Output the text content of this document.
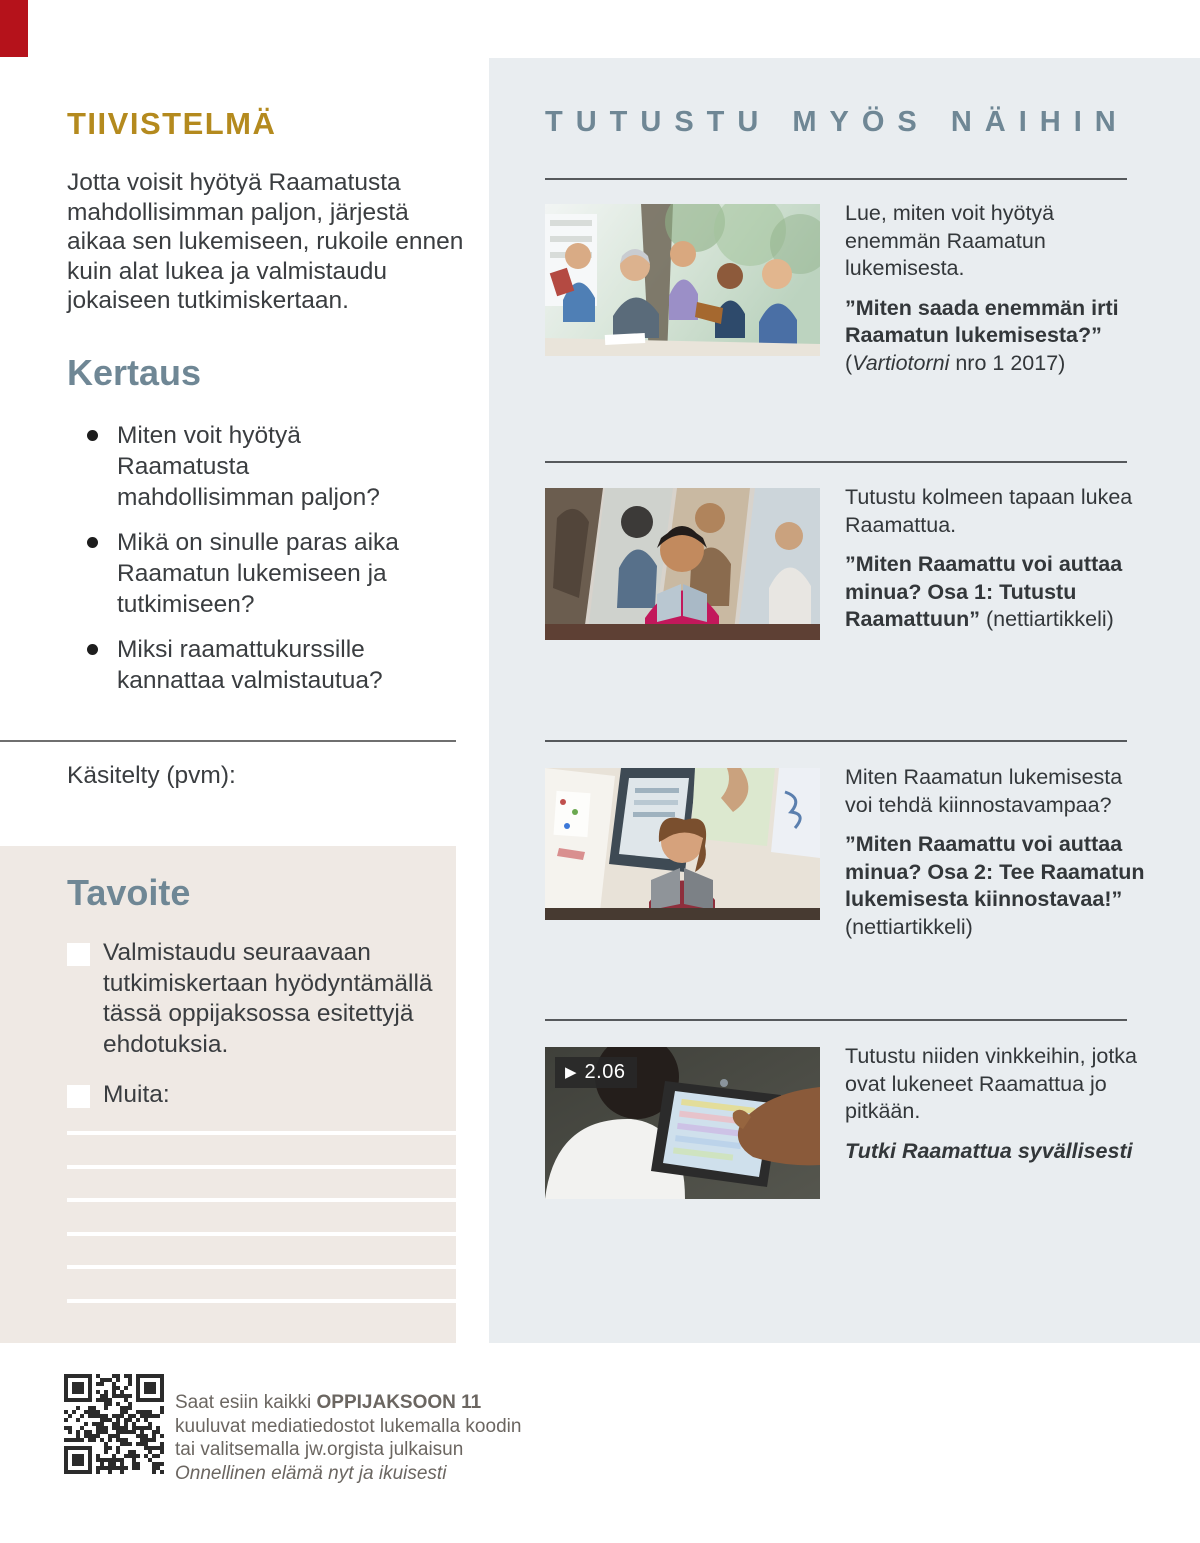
TIIVISTELMÄ
Jotta voisit hyötyä Raamatusta mahdollisimman paljon, järjestä aikaa sen lukemiseen, rukoile ennen kuin alat lukea ja valmistaudu jokaiseen tutkimiskertaan.
Kertaus
Miten voit hyötyä Raamatusta mahdollisimman paljon?
Mikä on sinulle paras aika Raamatun lukemiseen ja tutkimiseen?
Miksi raamattukurssille kannattaa valmistautua?
Käsitelty (pvm):
Tavoite
Valmistaudu seuraavaan tutkimiskertaan hyödyntämällä tässä oppijaksossa esitettyjä ehdotuksia.
Muita:
TUTUSTU MYÖS NÄIHIN

Lue, miten voit hyötyä enemmän Raamatun lukemisesta.

”Miten saada enemmän irti Raamatun lukemisesta?”
(Vartiotorni nro 1 2017)

Tutustu kolmeen tapaan lukea Raamattua.

”Miten Raamattu voi auttaa minua? Osa 1: Tutustu Raamattuun” (nettiartikkeli)

Miten Raamatun lukemisesta voi tehdä kiinnostavampaa?

”Miten Raamattu voi auttaa minua? Osa 2: Tee Raamatun lukemisesta kiinnostavaa!” (nettiartikkeli)

▶ 2.06

Tutustu niiden vinkkeihin, jotka ovat lukeneet Raamattua jo pitkään.

Tutki Raamattua syvällisesti

Saat esiin kaikki OPPIJAKSOON 11
kuuluvat mediatiedostot lukemalla koodin
tai valitsemalla jw.orgista julkaisun
Onnellinen elämä nyt ja ikuisesti
